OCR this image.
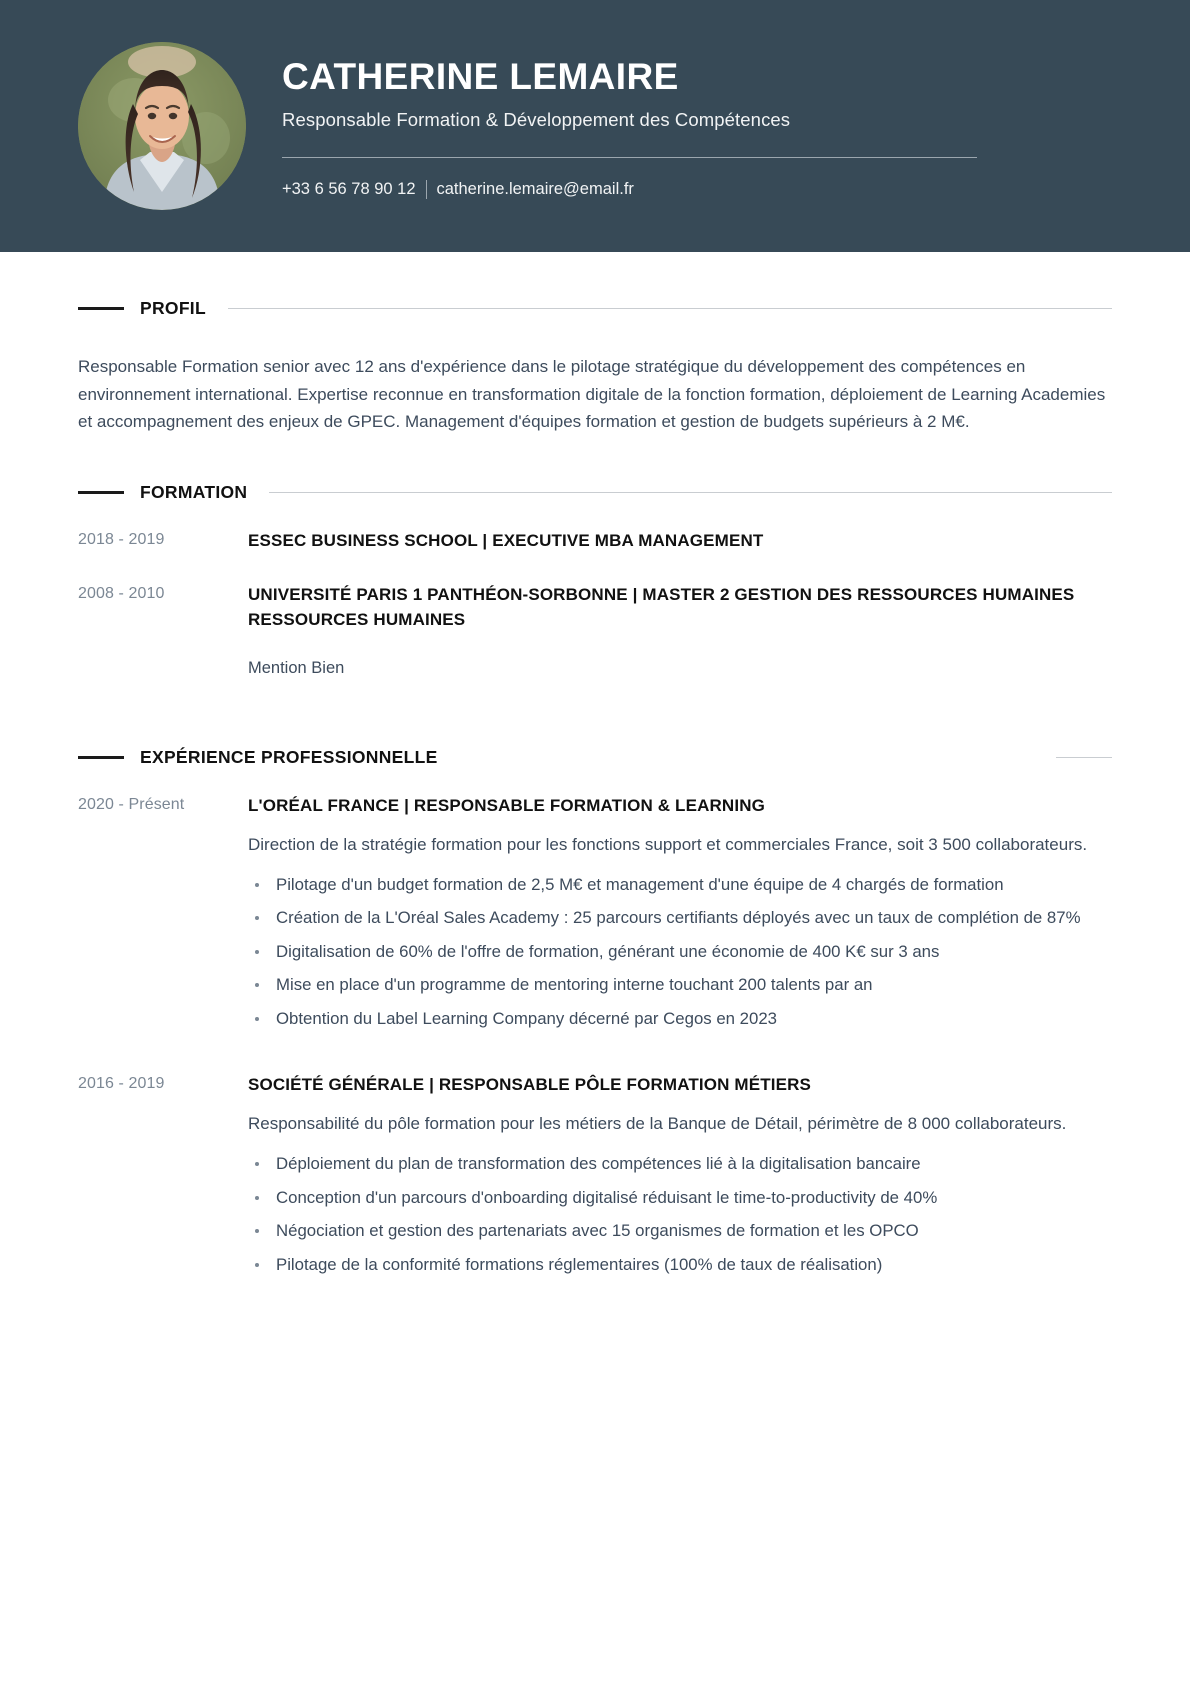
CATHERINE LEMAIRE
Responsable Formation & Développement des Compétences
+33 6 56 78 90 12 catherine.lemaire@email.fr
PROFIL

Responsable Formation senior avec 12 ans d'expérience dans le pilotage stratégique du développement des compétences en environnement international. Expertise reconnue en transformation digitale de la fonction formation, déploiement de Learning Academies et accompagnement des enjeux de GPEC. Management d'équipes formation et gestion de budgets supérieurs à 2 M€.

FORMATION
2018 - 2019	ESSEC BUSINESS SCHOOL | EXECUTIVE MBA MANAGEMENT
2008 - 2010	UNIVERSITÉ PARIS 1 PANTHÉON-SORBONNE | MASTER 2 GESTION DES RESSOURCES HUMAINES RESSOURCES HUMAINES
Mention Bien
EXPÉRIENCE PROFESSIONNELLE
2020 - Présent	L'ORÉAL FRANCE | RESPONSABLE FORMATION & LEARNING
Direction de la stratégie formation pour les fonctions support et commerciales France, soit 3 500 collaborateurs.
Pilotage d'un budget formation de 2,5 M€ et management d'une équipe de 4 chargés de formation
Création de la L'Oréal Sales Academy : 25 parcours certifiants déployés avec un taux de complétion de 87%
Digitalisation de 60% de l'offre de formation, générant une économie de 400 K€ sur 3 ans
Mise en place d'un programme de mentoring interne touchant 200 talents par an
Obtention du Label Learning Company décerné par Cegos en 2023
2016 - 2019	SOCIÉTÉ GÉNÉRALE | RESPONSABLE PÔLE FORMATION MÉTIERS
Responsabilité du pôle formation pour les métiers de la Banque de Détail, périmètre de 8 000 collaborateurs.
Déploiement du plan de transformation des compétences lié à la digitalisation bancaire
Conception d'un parcours d'onboarding digitalisé réduisant le time-to-productivity de 40%
Négociation et gestion des partenariats avec 15 organismes de formation et les OPCO
Pilotage de la conformité formations réglementaires (100% de taux de réalisation)
